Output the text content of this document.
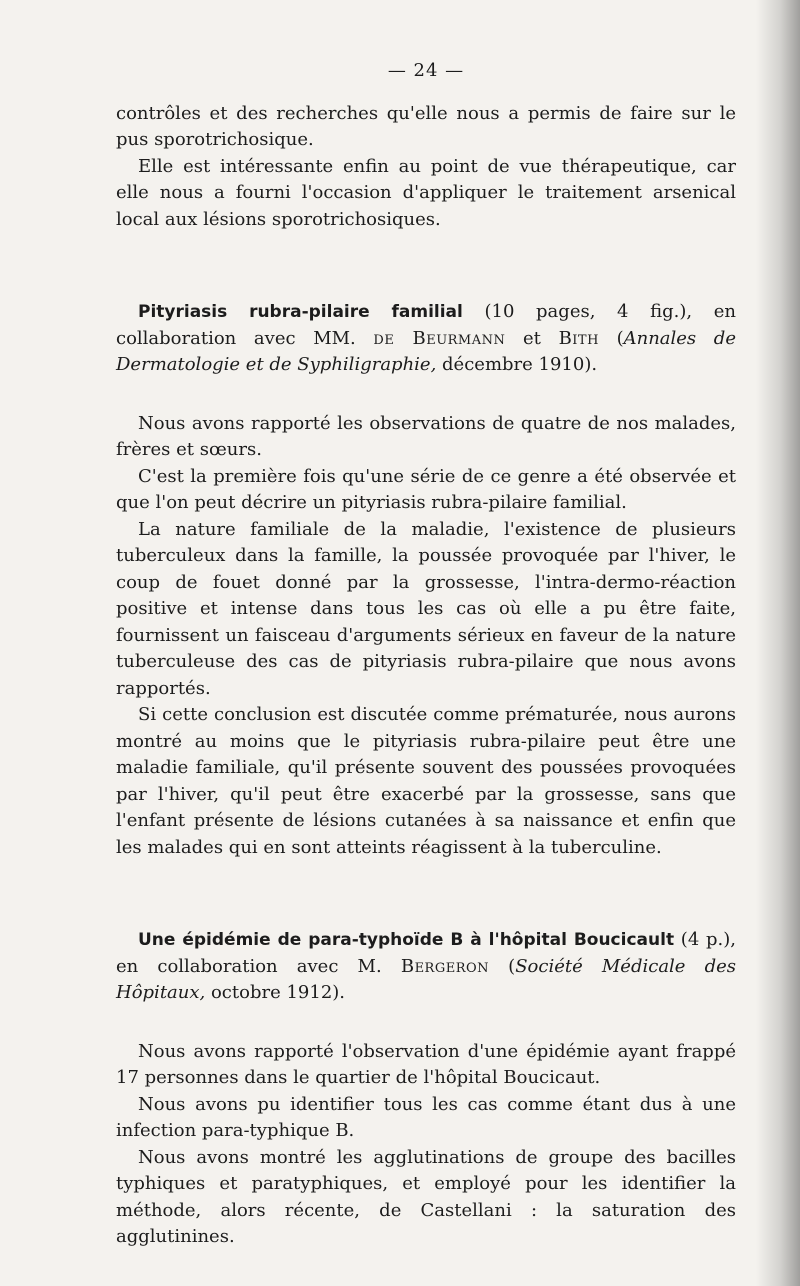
— 24 —

contrôles et des recherches qu'elle nous a permis de faire sur le pus sporotrichosique.

Elle est intéressante enfin au point de vue thérapeutique, car elle nous a fourni l'occasion d'appliquer le traitement arsenical local aux lésions sporotrichosiques.

Pityriasis rubra-pilaire familial (10 pages, 4 fig.), en collaboration avec MM. de Beurmann et Bith (Annales de Dermatologie et de Syphiligraphie, décembre 1910).

Nous avons rapporté les observations de quatre de nos malades, frères et sœurs.

C'est la première fois qu'une série de ce genre a été observée et que l'on peut décrire un pityriasis rubra-pilaire familial.

La nature familiale de la maladie, l'existence de plusieurs tuberculeux dans la famille, la poussée provoquée par l'hiver, le coup de fouet donné par la grossesse, l'intra-dermo-réaction positive et intense dans tous les cas où elle a pu être faite, fournissent un faisceau d'arguments sérieux en faveur de la nature tuberculeuse des cas de pityriasis rubra-pilaire que nous avons rapportés.

Si cette conclusion est discutée comme prématurée, nous aurons montré au moins que le pityriasis rubra-pilaire peut être une maladie familiale, qu'il présente souvent des poussées provoquées par l'hiver, qu'il peut être exacerbé par la grossesse, sans que l'enfant présente de lésions cutanées à sa naissance et enfin que les malades qui en sont atteints réagissent à la tuberculine.

Une épidémie de para-typhoïde B à l'hôpital Boucicault (4 p.), en collaboration avec M. Bergeron (Société Médicale des Hôpitaux, octobre 1912).

Nous avons rapporté l'observation d'une épidémie ayant frappé 17 personnes dans le quartier de l'hôpital Boucicaut.

Nous avons pu identifier tous les cas comme étant dus à une infection para-typhique B.

Nous avons montré les agglutinations de groupe des bacilles typhiques et paratyphiques, et employé pour les identifier la méthode, alors récente, de Castellani : la saturation des agglutinines.
